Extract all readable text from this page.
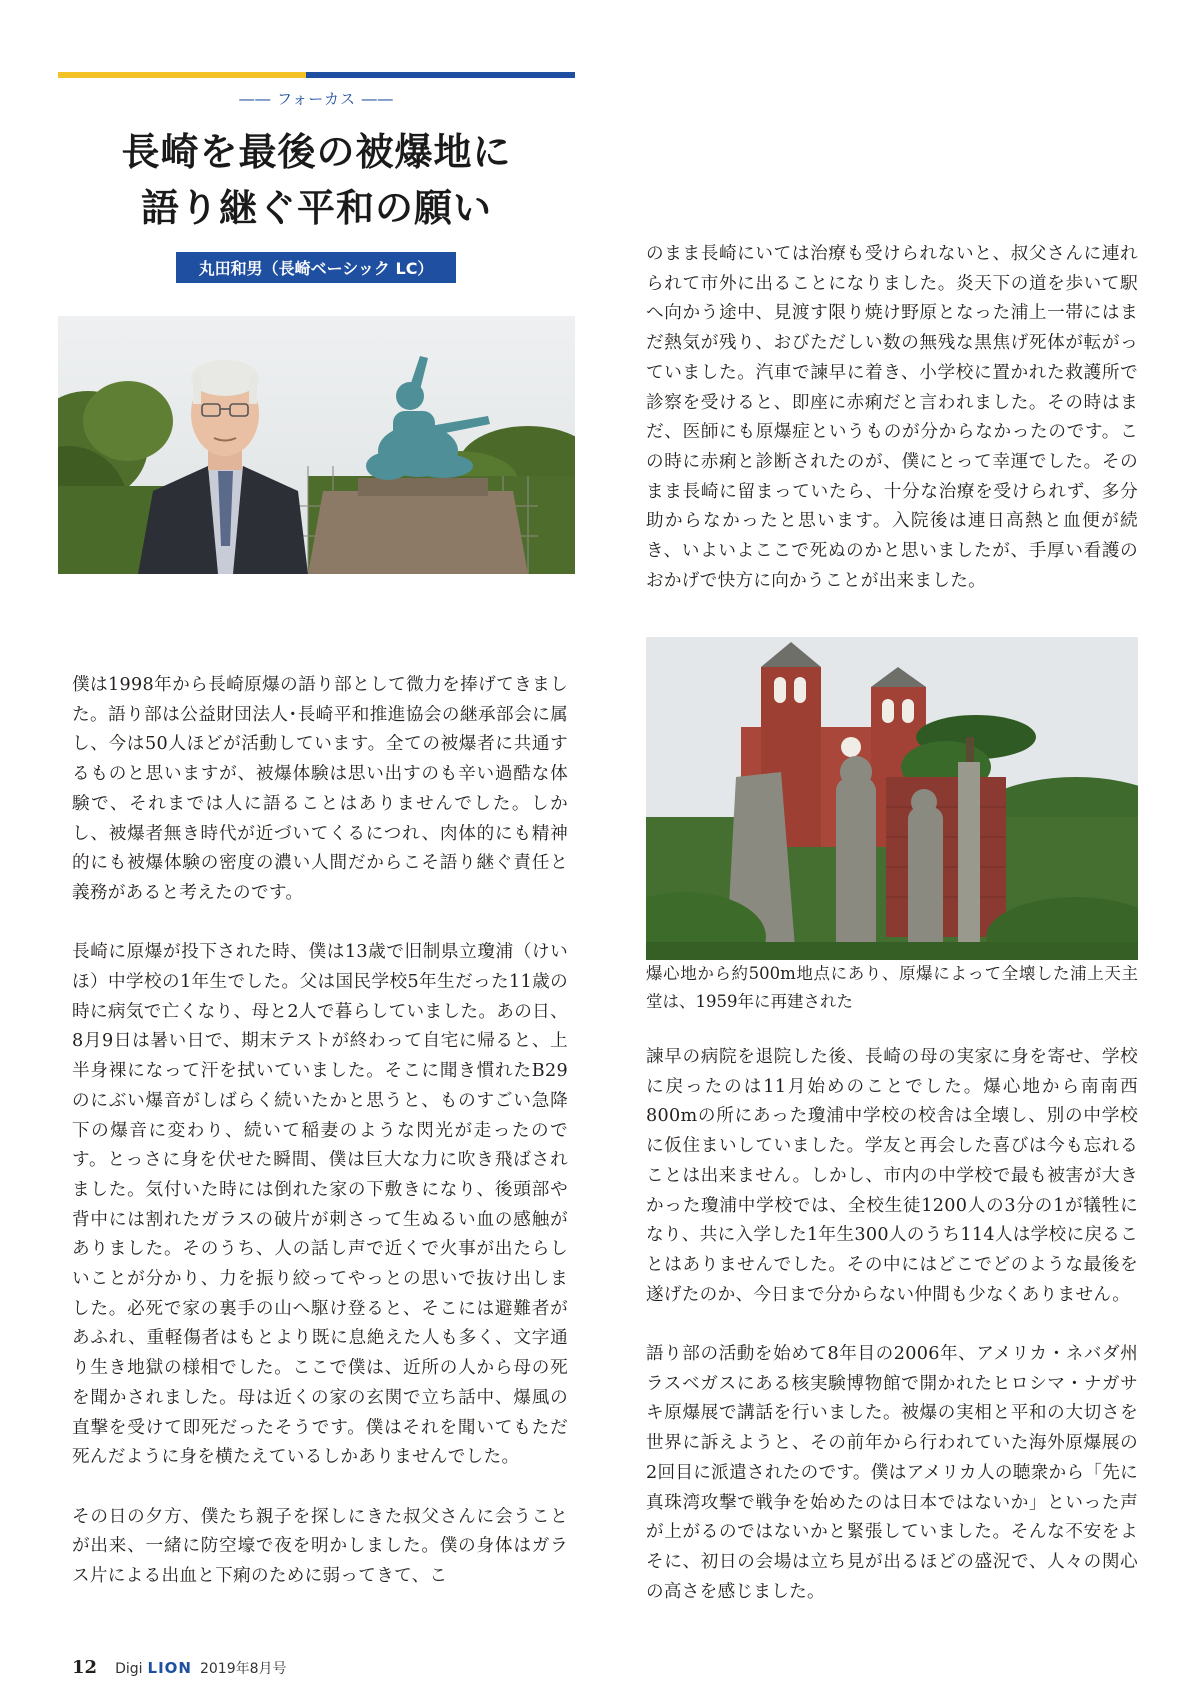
―― フォーカス ――
長崎を最後の被爆地に
語り継ぐ平和の願い
丸田和男（長崎ベーシック LC）

僕は1998年から長崎原爆の語り部として微力を捧げてきました。語り部は公益財団法人･長崎平和推進協会の継承部会に属し、今は50人ほどが活動しています。全ての被爆者に共通するものと思いますが、被爆体験は思い出すのも辛い過酷な体験で、それまでは人に語ることはありませんでした。しかし、被爆者無き時代が近づいてくるにつれ、肉体的にも精神的にも被爆体験の密度の濃い人間だからこそ語り継ぐ責任と義務があると考えたのです。

長崎に原爆が投下された時、僕は13歳で旧制県立瓊浦（けいほ）中学校の1年生でした。父は国民学校5年生だった11歳の時に病気で亡くなり、母と2人で暮らしていました。あの日、8月9日は暑い日で、期末テストが終わって自宅に帰ると、上半身裸になって汗を拭いていました。そこに聞き慣れたB29のにぶい爆音がしばらく続いたかと思うと、ものすごい急降下の爆音に変わり、続いて稲妻のような閃光が走ったのです。とっさに身を伏せた瞬間、僕は巨大な力に吹き飛ばされました。気付いた時には倒れた家の下敷きになり、後頭部や背中には割れたガラスの破片が刺さって生ぬるい血の感触がありました。そのうち、人の話し声で近くで火事が出たらしいことが分かり、力を振り絞ってやっとの思いで抜け出しました。必死で家の裏手の山へ駆け登ると、そこには避難者があふれ、重軽傷者はもとより既に息絶えた人も多く、文字通り生き地獄の様相でした。ここで僕は、近所の人から母の死を聞かされました。母は近くの家の玄関で立ち話中、爆風の直撃を受けて即死だったそうです。僕はそれを聞いてもただ死んだように身を横たえているしかありませんでした。

その日の夕方、僕たち親子を探しにきた叔父さんに会うことが出来、一緒に防空壕で夜を明かしました。僕の身体はガラス片による出血と下痢のために弱ってきて、こ

のまま長崎にいては治療も受けられないと、叔父さんに連れられて市外に出ることになりました。炎天下の道を歩いて駅へ向かう途中、見渡す限り焼け野原となった浦上一帯にはまだ熱気が残り、おびただしい数の無残な黒焦げ死体が転がっていました。汽車で諫早に着き、小学校に置かれた救護所で診察を受けると、即座に赤痢だと言われました。その時はまだ、医師にも原爆症というものが分からなかったのです。この時に赤痢と診断されたのが、僕にとって幸運でした。そのまま長崎に留まっていたら、十分な治療を受けられず、多分助からなかったと思います。入院後は連日高熱と血便が続き、いよいよここで死ぬのかと思いましたが、手厚い看護のおかげで快方に向かうことが出来ました。

爆心地から約500m地点にあり、原爆によって全壊した浦上天主堂は、1959年に再建された

諫早の病院を退院した後、長崎の母の実家に身を寄せ、学校に戻ったのは11月始めのことでした。爆心地から南南西800mの所にあった瓊浦中学校の校舎は全壊し、別の中学校に仮住まいしていました。学友と再会した喜びは今も忘れることは出来ません。しかし、市内の中学校で最も被害が大きかった瓊浦中学校では、全校生徒1200人の3分の1が犠牲になり、共に入学した1年生300人のうち114人は学校に戻ることはありませんでした。その中にはどこでどのような最後を遂げたのか、今日まで分からない仲間も少なくありません。

語り部の活動を始めて8年目の2006年、アメリカ・ネバダ州ラスベガスにある核実験博物館で開かれたヒロシマ・ナガサキ原爆展で講話を行いました。被爆の実相と平和の大切さを世界に訴えようと、その前年から行われていた海外原爆展の2回目に派遣されたのです。僕はアメリカ人の聴衆から「先に真珠湾攻撃で戦争を始めたのは日本ではないか」といった声が上がるのではないかと緊張していました。そんな不安をよそに、初日の会場は立ち見が出るほどの盛況で、人々の関心の高さを感じました。

12 Digi LION 2019年8月号
